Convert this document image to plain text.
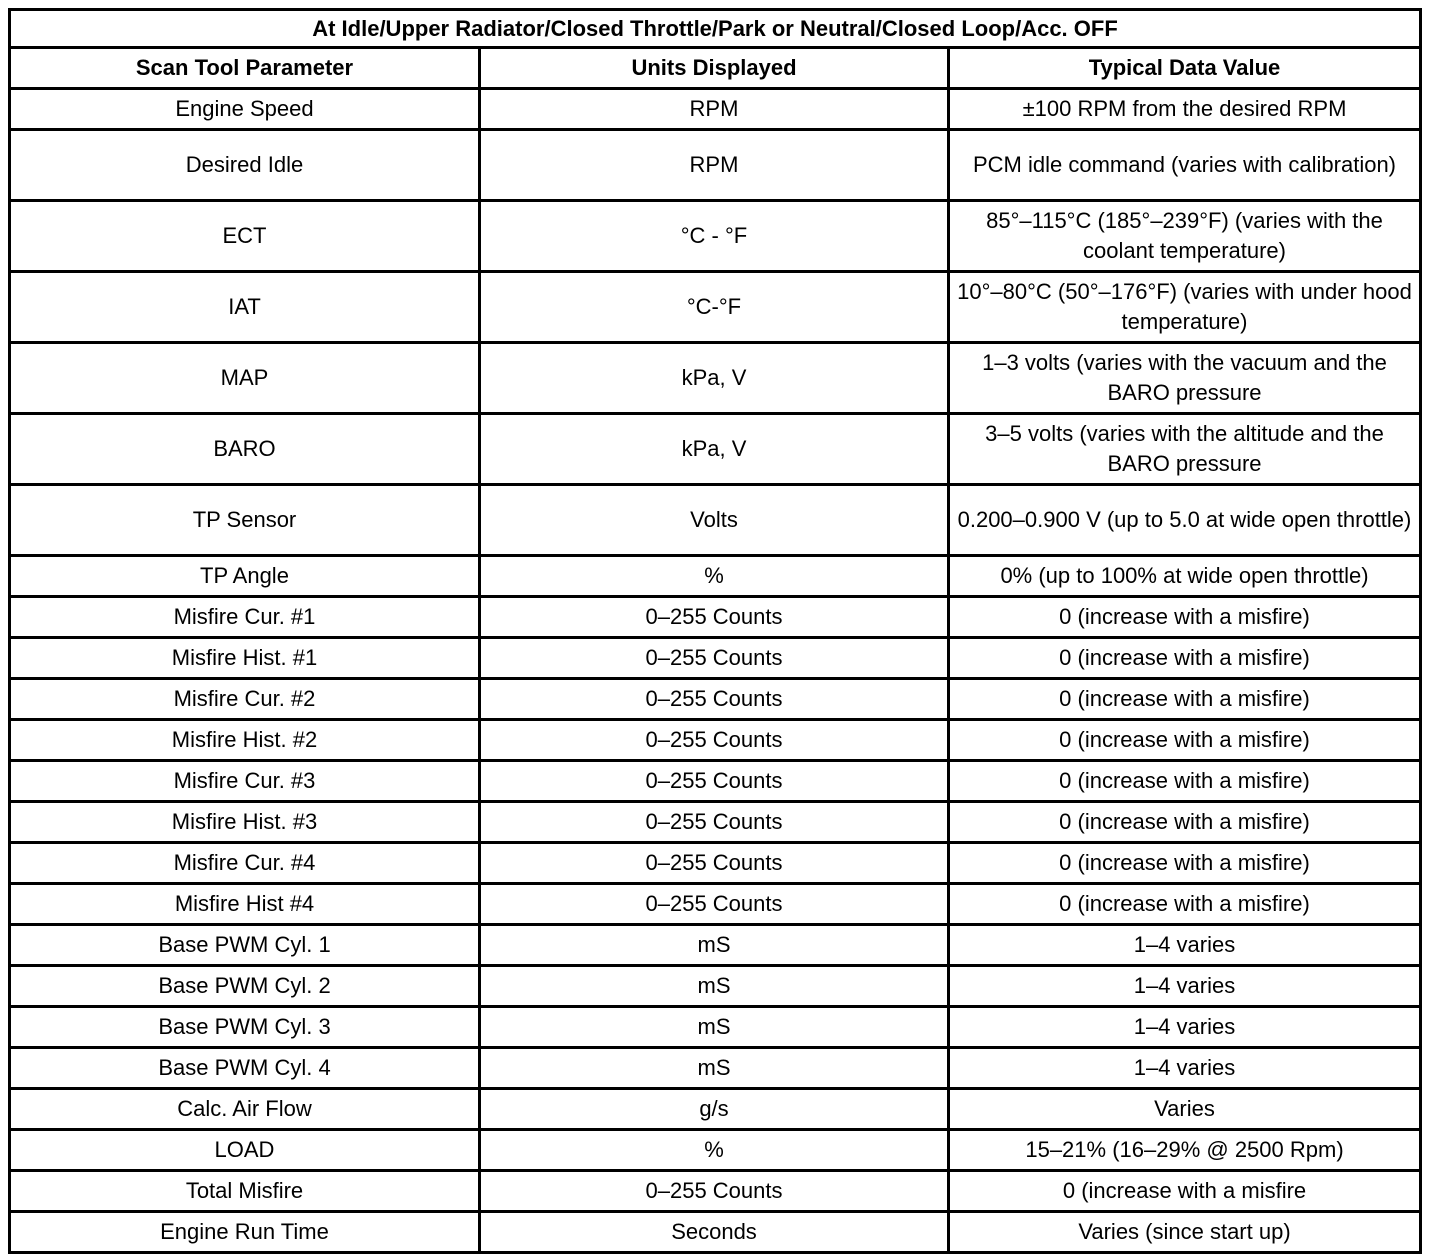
At Idle/Upper Radiator/Closed Throttle/Park or Neutral/Closed Loop/Acc. OFF		
Scan Tool Parameter	Units Displayed	Typical Data Value
Engine Speed	RPM	±100 RPM from the desired RPM
Desired Idle	RPM	PCM idle command (varies with calibration)
ECT	°C - °F	85°–115°C (185°–239°F) (varies with the coolant temperature)
IAT	°C-°F	10°–80°C (50°–176°F) (varies with under hood temperature)
MAP	kPa, V	1–3 volts (varies with the vacuum and the BARO pressure
BARO	kPa, V	3–5 volts (varies with the altitude and the BARO pressure
TP Sensor	Volts	0.200–0.900 V (up to 5.0 at wide open throttle)
TP Angle	%	0% (up to 100% at wide open throttle)
Misfire Cur. #1	0–255 Counts	0 (increase with a misfire)
Misfire Hist. #1	0–255 Counts	0 (increase with a misfire)
Misfire Cur. #2	0–255 Counts	0 (increase with a misfire)
Misfire Hist. #2	0–255 Counts	0 (increase with a misfire)
Misfire Cur. #3	0–255 Counts	0 (increase with a misfire)
Misfire Hist. #3	0–255 Counts	0 (increase with a misfire)
Misfire Cur. #4	0–255 Counts	0 (increase with a misfire)
Misfire Hist #4	0–255 Counts	0 (increase with a misfire)
Base PWM Cyl. 1	mS	1–4 varies
Base PWM Cyl. 2	mS	1–4 varies
Base PWM Cyl. 3	mS	1–4 varies
Base PWM Cyl. 4	mS	1–4 varies
Calc. Air Flow	g/s	Varies
LOAD	%	15–21% (16–29% @ 2500 Rpm)
Total Misfire	0–255 Counts	0 (increase with a misfire
Engine Run Time	Seconds	Varies (since start up)
